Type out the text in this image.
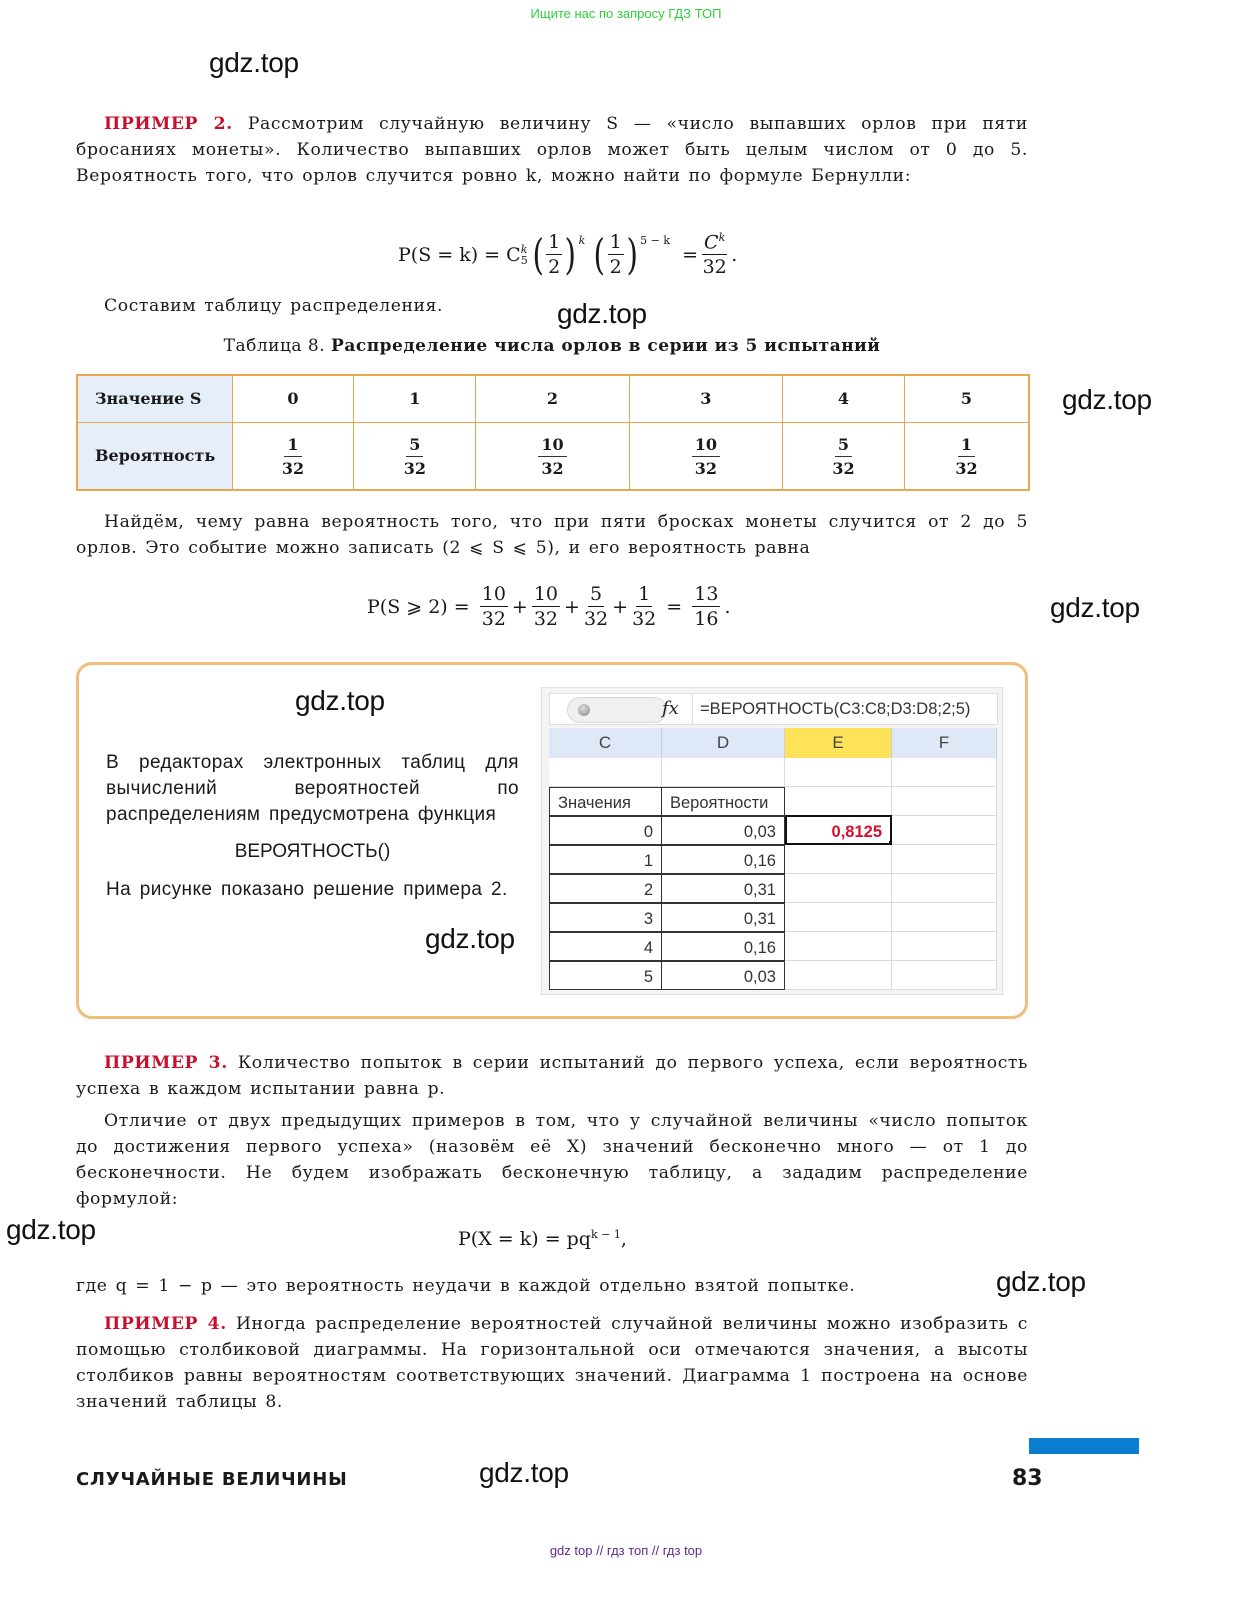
Ищите нас по запросу ГДЗ ТОП
gdz.top
gdz.top
gdz.top
gdz.top
gdz.top
gdz.top
gdz.top
ПРИМЕР 2. Рассмотрим случайную величину S — «число выпавших орлов при пяти бросаниях монеты». Количество выпавших орлов может быть целым числом от 0 до 5. Вероятность того, что орлов случится ровно k, можно найти по формуле Бернулли:
P(S = k) = C k
5 ( $\frac{1}{2} )^k$
( $\frac{1}{2} )^{5 - k}$

= $\frac{C^k}{32}$ .
Составим таблицу распределения.
Таблица 8. Распределение числа орлов в серии из 5 испытаний
Значение S	0	1	2	3	4	5
Вероятность	$\frac{1}{32}$	$\frac{5}{32}$	$\frac{10}{32}$	$\frac{10}{32}$	$\frac{5}{32}$	$\frac{1}{32}$
Найдём, чему равна вероятность того, что при пяти бросках монеты случится от 2 до 5 орлов. Это событие можно записать (2 ⩽ S ⩽ 5), и его вероятность равна
P(S ⩾ 2) =
$\frac{10}{32} + \frac{10}{32} + \frac{5}{32} + \frac{1}{32}$
=
$\frac{13}{16}$ .
gdz.top
В редакторах электронных таблиц для вычислений вероятностей по распределениям предусмотрена функция
ВЕРОЯТНОСТЬ()
На рисунке показано решение примера 2.
gdz.top
fx =ВЕРОЯТНОСТЬ(C3:C8;D3:D8;2;5)
C	D	E	F
Значения	Вероятности
0	0,03	0,8125
1	0,16
2	0,31
3	0,31
4	0,16
5	0,03
ПРИМЕР 3. Количество попыток в серии испытаний до первого успеха, если вероятность успеха в каждом испытании равна p.
Отличие от двух предыдущих примеров в том, что у случайной величины «число попыток до достижения первого успеха» (назовём её X) значений бесконечно много — от 1 до бесконечности. Не будем изображать бесконечную таблицу, а зададим распределение формулой:
$P(X = k) = pq^{k - 1}$ ,
где q = 1 − p — это вероятность неудачи в каждой отдельно взятой попытке.
ПРИМЕР 4. Иногда распределение вероятностей случайной величины можно изобразить с помощью столбиковой диаграммы. На горизонтальной оси отмечаются значения, а высоты столбиков равны вероятностям соответствующих значений. Диаграмма 1 построена на основе значений таблицы 8.
СЛУЧАЙНЫЕ ВЕЛИЧИНЫ	83
gdz top // гдз топ // гдз top
